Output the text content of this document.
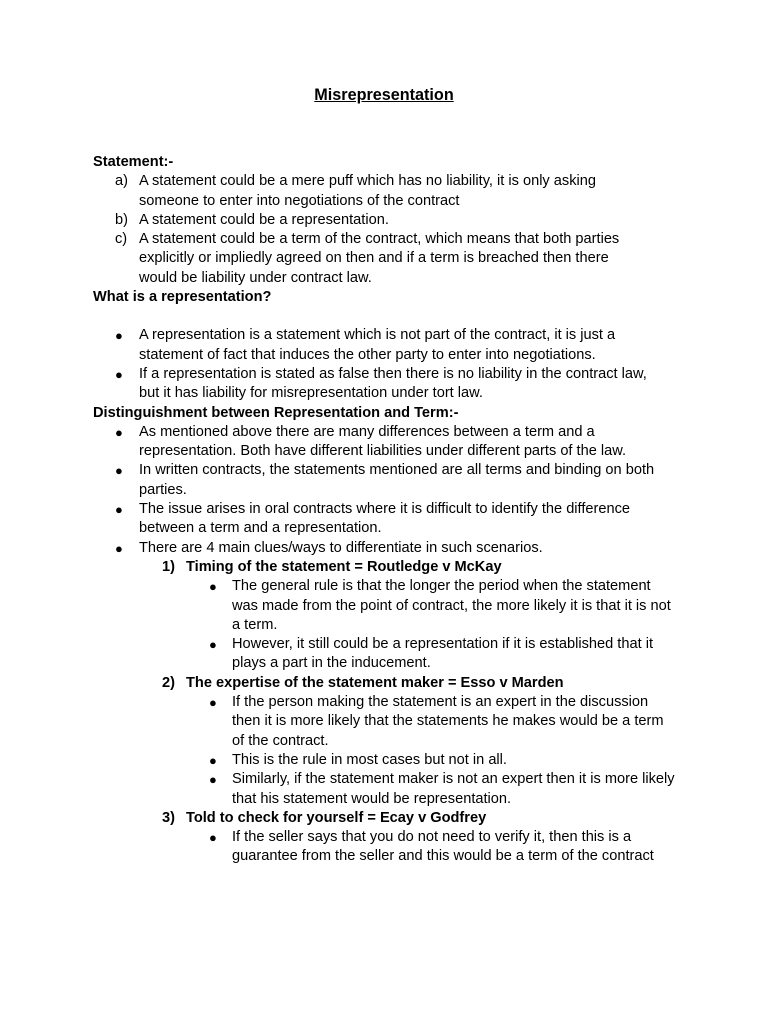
Misrepresentation
Statement:-
a) A statement could be a mere puff which has no liability, it is only asking someone to enter into negotiations of the contract
b) A statement could be a representation.
c) A statement could be a term of the contract, which means that both parties explicitly or impliedly agreed on then and if a term is breached then there would be liability under contract law.
What is a representation?
● A representation is a statement which is not part of the contract, it is just a statement of fact that induces the other party to enter into negotiations.
● If a representation is stated as false then there is no liability in the contract law, but it has liability for misrepresentation under tort law.
Distinguishment between Representation and Term:-
● As mentioned above there are many differences between a term and a representation. Both have different liabilities under different parts of the law.
● In written contracts, the statements mentioned are all terms and binding on both parties.
● The issue arises in oral contracts where it is difficult to identify the difference between a term and a representation.
● There are 4 main clues/ways to differentiate in such scenarios.
1) Timing of the statement = Routledge v McKay
● The general rule is that the longer the period when the statement was made from the point of contract, the more likely it is that it is not a term.
● However, it still could be a representation if it is established that it plays a part in the inducement.
2) The expertise of the statement maker = Esso v Marden
● If the person making the statement is an expert in the discussion then it is more likely that the statements he makes would be a term of the contract.
● This is the rule in most cases but not in all.
● Similarly, if the statement maker is not an expert then it is more likely that his statement would be representation.
3) Told to check for yourself = Ecay v Godfrey
● If the seller says that you do not need to verify it, then this is a guarantee from the seller and this would be a term of the contract
